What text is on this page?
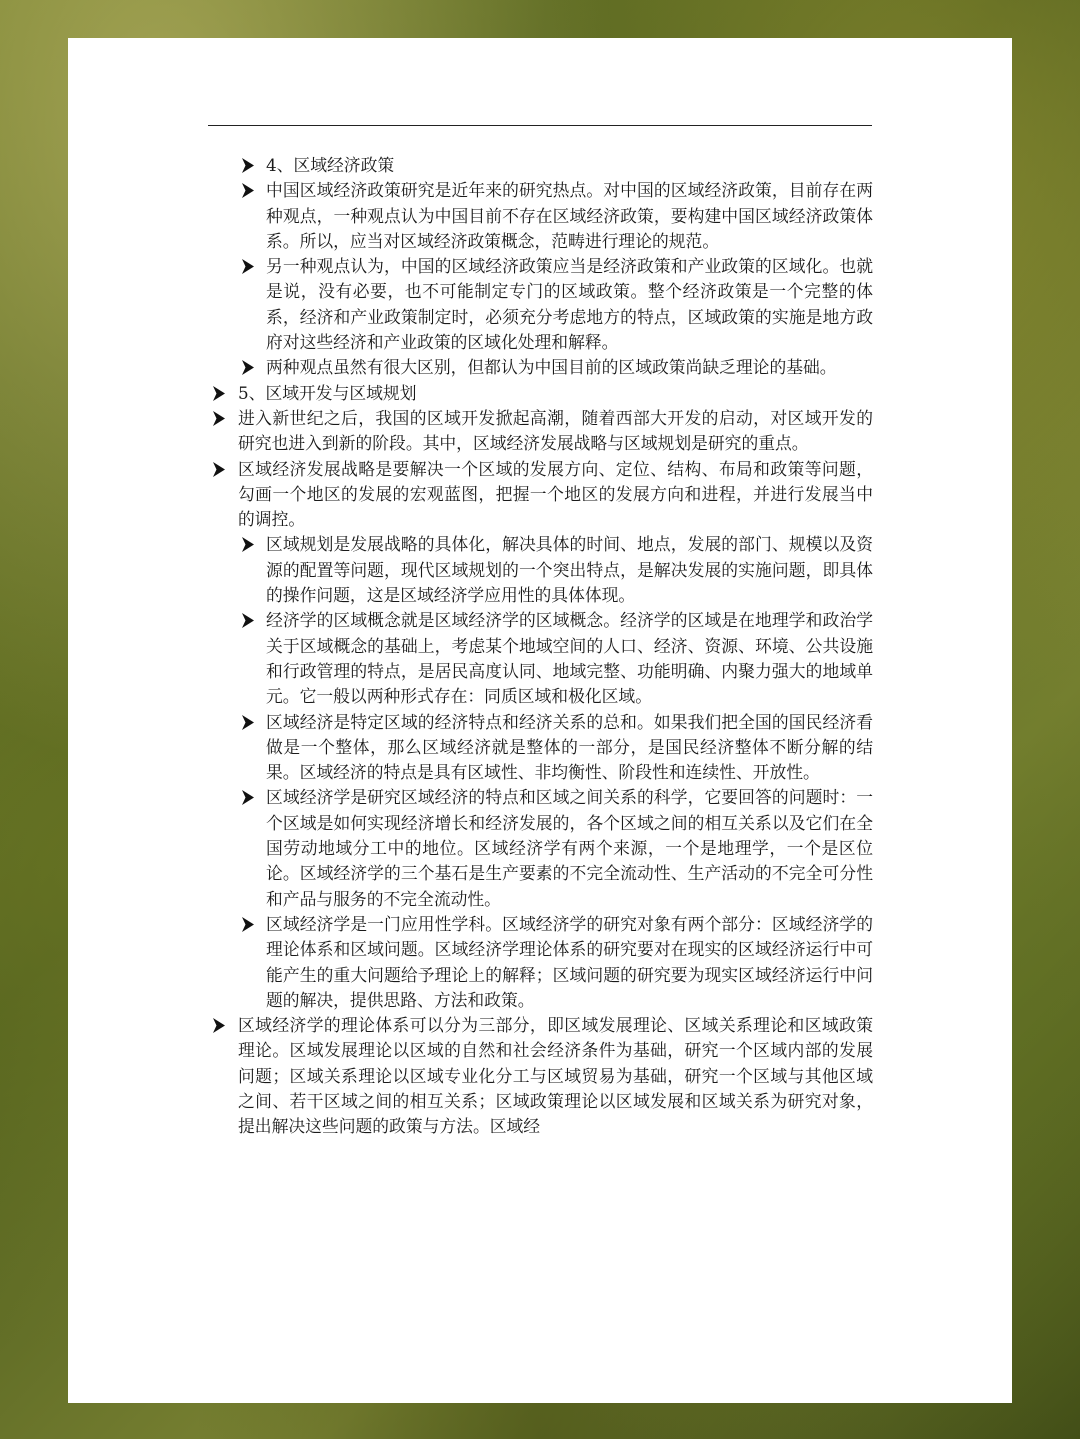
4、区域经济政策
中国区域经济政策研究是近年来的研究热点。对中国的区域经济政策，目前存在两种观点，一种观点认为中国目前不存在区域经济政策，要构建中国区域经济政策体系。所以，应当对区域经济政策概念，范畴进行理论的规范。
另一种观点认为，中国的区域经济政策应当是经济政策和产业政策的区域化。也就是说，没有必要，也不可能制定专门的区域政策。整个经济政策是一个完整的体系，经济和产业政策制定时，必须充分考虑地方的特点，区域政策的实施是地方政府对这些经济和产业政策的区域化处理和解释。
两种观点虽然有很大区别，但都认为中国目前的区域政策尚缺乏理论的基础。
5、区域开发与区域规划
进入新世纪之后，我国的区域开发掀起高潮，随着西部大开发的启动，对区域开发的研究也进入到新的阶段。其中，区域经济发展战略与区域规划是研究的重点。
区域经济发展战略是要解决一个区域的发展方向、定位、结构、布局和政策等问题，勾画一个地区的发展的宏观蓝图，把握一个地区的发展方向和进程，并进行发展当中的调控。
区域规划是发展战略的具体化，解决具体的时间、地点，发展的部门、规模以及资源的配置等问题，现代区域规划的一个突出特点，是解决发展的实施问题，即具体的操作问题，这是区域经济学应用性的具体体现。
经济学的区域概念就是区域经济学的区域概念。经济学的区域是在地理学和政治学关于区域概念的基础上，考虑某个地域空间的人口、经济、资源、环境、公共设施和行政管理的特点，是居民高度认同、地域完整、功能明确、内聚力强大的地域单元。它一般以两种形式存在：同质区域和极化区域。
区域经济是特定区域的经济特点和经济关系的总和。如果我们把全国的国民经济看做是一个整体，那么区域经济就是整体的一部分，是国民经济整体不断分解的结果。区域经济的特点是具有区域性、非均衡性、阶段性和连续性、开放性。
区域经济学是研究区域经济的特点和区域之间关系的科学，它要回答的问题时：一个区域是如何实现经济增长和经济发展的，各个区域之间的相互关系以及它们在全国劳动地域分工中的地位。区域经济学有两个来源，一个是地理学，一个是区位论。区域经济学的三个基石是生产要素的不完全流动性、生产活动的不完全可分性和产品与服务的不完全流动性。
区域经济学是一门应用性学科。区域经济学的研究对象有两个部分：区域经济学的理论体系和区域问题。区域经济学理论体系的研究要对在现实的区域经济运行中可能产生的重大问题给予理论上的解释；区域问题的研究要为现实区域经济运行中问题的解决，提供思路、方法和政策。
区域经济学的理论体系可以分为三部分，即区域发展理论、区域关系理论和区域政策理论。区域发展理论以区域的自然和社会经济条件为基础，研究一个区域内部的发展问题；区域关系理论以区域专业化分工与区域贸易为基础，研究一个区域与其他区域之间、若干区域之间的相互关系；区域政策理论以区域发展和区域关系为研究对象，提出解决这些问题的政策与方法。区域经
